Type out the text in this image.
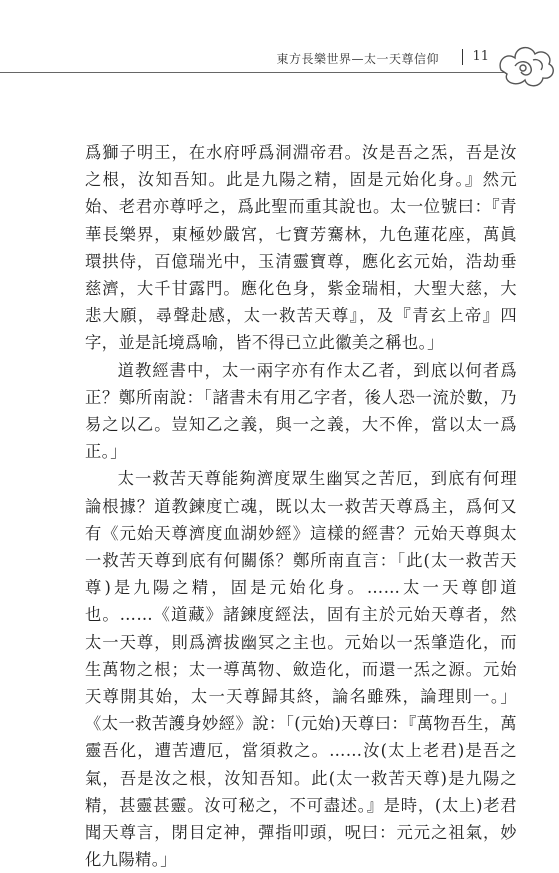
東方長樂世界—太一天尊信仰	11

爲獅子明王，在水府呼爲洞淵帝君。汝是吾之炁，吾是汝之根，汝知吾知。此是九陽之精，固是元始化身。』然元始、老君亦尊呼之，爲此聖而重其說也。太一位號曰：『青華長樂界，東極妙嚴宮，七寶芳騫林，九色蓮花座，萬眞環拱侍，百億瑞光中，玉清靈寶尊，應化玄元始，浩劫垂慈濟，大千甘露門。應化色身，紫金瑞相，大聖大慈，大悲大願，尋聲赴感，太一救苦天尊』，及『青玄上帝』四字，並是託境爲喻，皆不得已立此徽美之稱也。」

道教經書中，太一兩字亦有作太乙者，到底以何者爲正？鄭所南說：「諸書未有用乙字者，後人恐一流於數，乃易之以乙。豈知乙之義，與一之義，大不侔，當以太一爲正。」

太一救苦天尊能夠濟度眾生幽冥之苦厄，到底有何理論根據？道教鍊度亡魂，既以太一救苦天尊爲主，爲何又有《元始天尊濟度血湖妙經》這樣的經書？元始天尊與太一救苦天尊到底有何關係？鄭所南直言：「此(太一救苦天尊)是九陽之精，固是元始化身。……太一天尊卽道也。……《道藏》諸鍊度經法，固有主於元始天尊者，然太一天尊，則爲濟拔幽冥之主也。元始以一炁肇造化，而生萬物之根；太一導萬物、斂造化，而還一炁之源。元始天尊開其始，太一天尊歸其終，論名雖殊，論理則一。」《太一救苦護身妙經》說：「(元始)天尊曰：『萬物吾生，萬靈吾化，遭苦遭厄，當須救之。……汝(太上老君)是吾之氣，吾是汝之根，汝知吾知。此(太一救苦天尊)是九陽之精，甚靈甚靈。汝可秘之，不可盡述。』是時，(太上)老君聞天尊言，閉目定神，彈指叩頭，呪曰：元元之祖氣，妙化九陽精。」
